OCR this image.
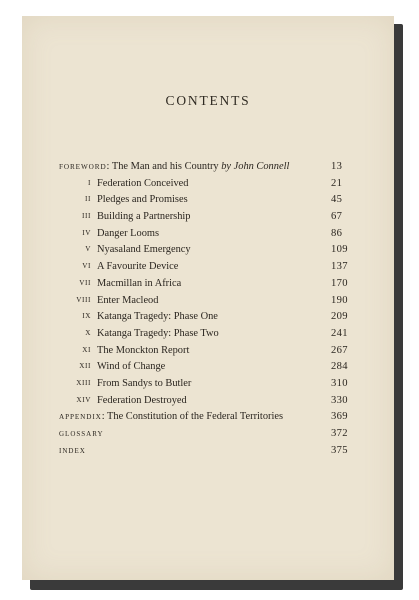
CONTENTS
FOREWORD: The Man and his Country by John Connell	13
I Federation Conceived	21
II Pledges and Promises	45
III Building a Partnership	67
IV Danger Looms	86
V Nyasaland Emergency	109
VI A Favourite Device	137
VII Macmillan in Africa	170
VIII Enter Macleod	190
IX Katanga Tragedy: Phase One	209
X Katanga Tragedy: Phase Two	241
XI The Monckton Report	267
XII Wind of Change	284
XIII From Sandys to Butler	310
XIV Federation Destroyed	330
APPENDIX: The Constitution of the Federal Territories	369
GLOSSARY	372
INDEX	375
